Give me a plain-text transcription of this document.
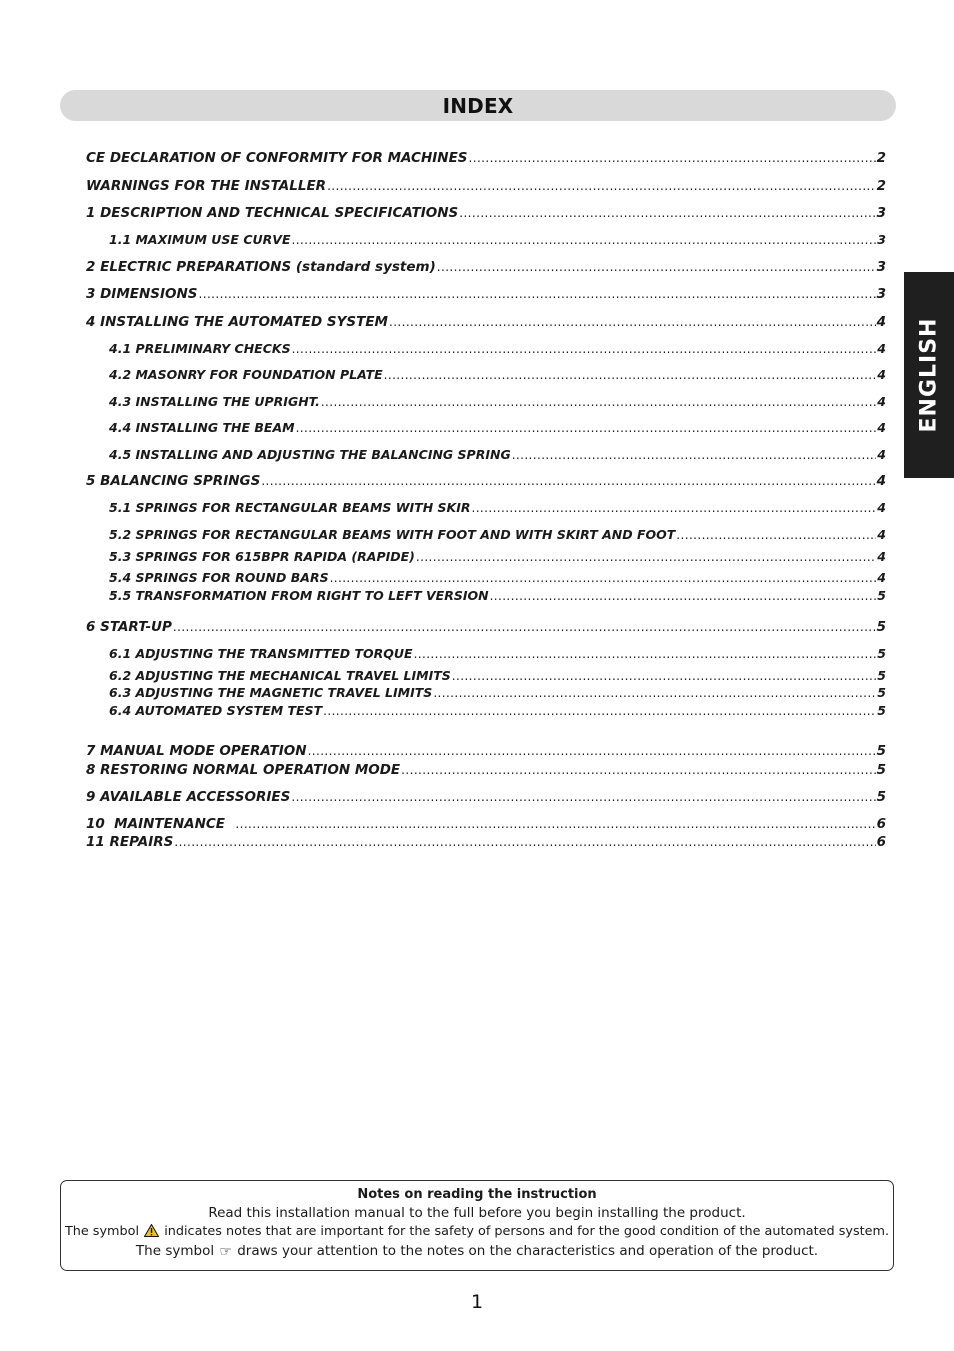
INDEX
ENGLISH
CE DECLARATION OF CONFORMITY FOR MACHINES .....	2
WARNINGS FOR THE INSTALLER .....	2
1 DESCRIPTION AND TECHNICAL SPECIFICATIONS .....	3
1.1 MAXIMUM USE CURVE .....	3
2 ELECTRIC PREPARATIONS (standard system) .....	3
3 DIMENSIONS .....	3
4 INSTALLING THE AUTOMATED SYSTEM .....	4
4.1 PRELIMINARY CHECKS .....	4
4.2 MASONRY FOR FOUNDATION PLATE .....	4
4.3 INSTALLING THE UPRIGHT. .....	4
4.4 INSTALLING THE BEAM .....	4
4.5 INSTALLING AND ADJUSTING THE BALANCING SPRING .....	4
5 BALANCING SPRINGS .....	4
5.1 SPRINGS FOR RECTANGULAR BEAMS WITH SKIR .....	4
5.2 SPRINGS FOR RECTANGULAR BEAMS WITH FOOT AND WITH SKIRT AND FOOT .....	4
5.3 SPRINGS FOR 615BPR RAPIDA (RAPIDE) .....	4
5.4 SPRINGS FOR ROUND BARS .....	4
5.5 TRANSFORMATION FROM RIGHT TO LEFT VERSION .....	5
6 START-UP .....	5
6.1 ADJUSTING THE TRANSMITTED TORQUE .....	5
6.2 ADJUSTING THE MECHANICAL TRAVEL LIMITS .....	5
6.3 ADJUSTING THE MAGNETIC TRAVEL LIMITS .....	5
6.4 AUTOMATED SYSTEM TEST .....	5
7 MANUAL MODE OPERATION .....	5
8 RESTORING NORMAL OPERATION MODE .....	5
9 AVAILABLE ACCESSORIES .....	5
10  MAINTENANCE .....	6
11 REPAIRS .....	6
Notes on reading the instruction
Read this installation manual to the full before you begin installing the product.
The symbol indicates notes that are important for the safety of persons and for the good condition of the automated system.
The symbol ☞ draws your attention to the notes on the characteristics and operation of the product.
1
